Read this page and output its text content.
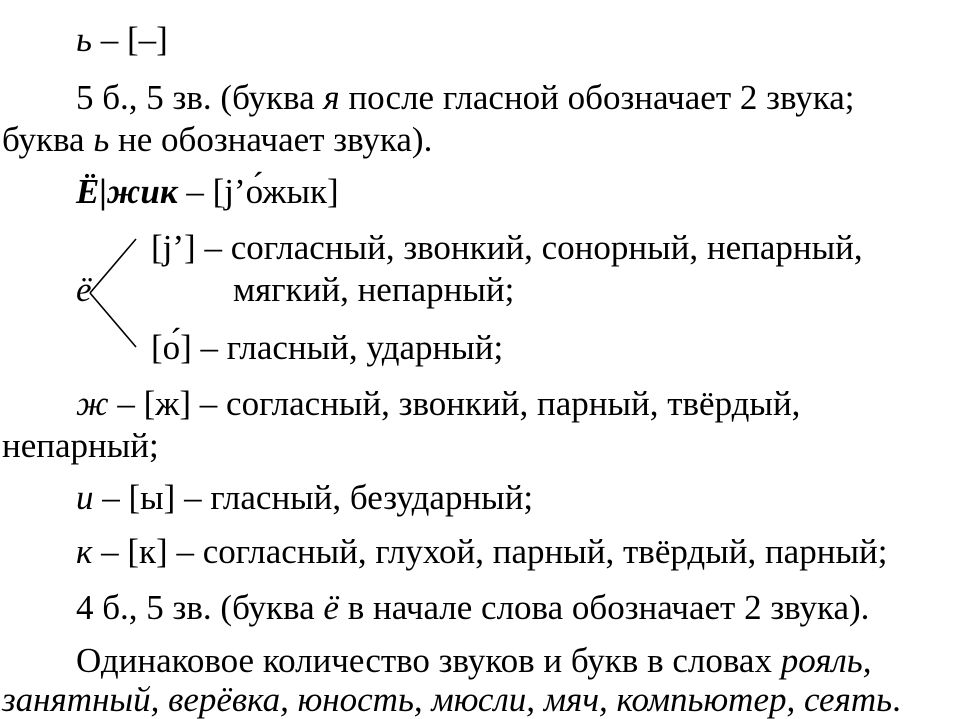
ь – [–]
5 б., 5 зв. (буква я после гласной обозначает 2 звука;
буква ь не обозначает звука).
Ё|жик – [j’о́жык]
[j’] – согласный, звонкий, сонорный, непарный,
ё	мягкий, непарный;
[о́] – гласный, ударный;
ж – [ж] – согласный, звонкий, парный, твёрдый,
непарный;
и – [ы] – гласный, безударный;
к – [к] – согласный, глухой, парный, твёрдый, парный;
4 б., 5 зв. (буква ё в начале слова обозначает 2 звука).
Одинаковое количество звуков и букв в словах рояль,
занятный, верёвка, юность, мюсли, мяч, компьютер, сеять.
